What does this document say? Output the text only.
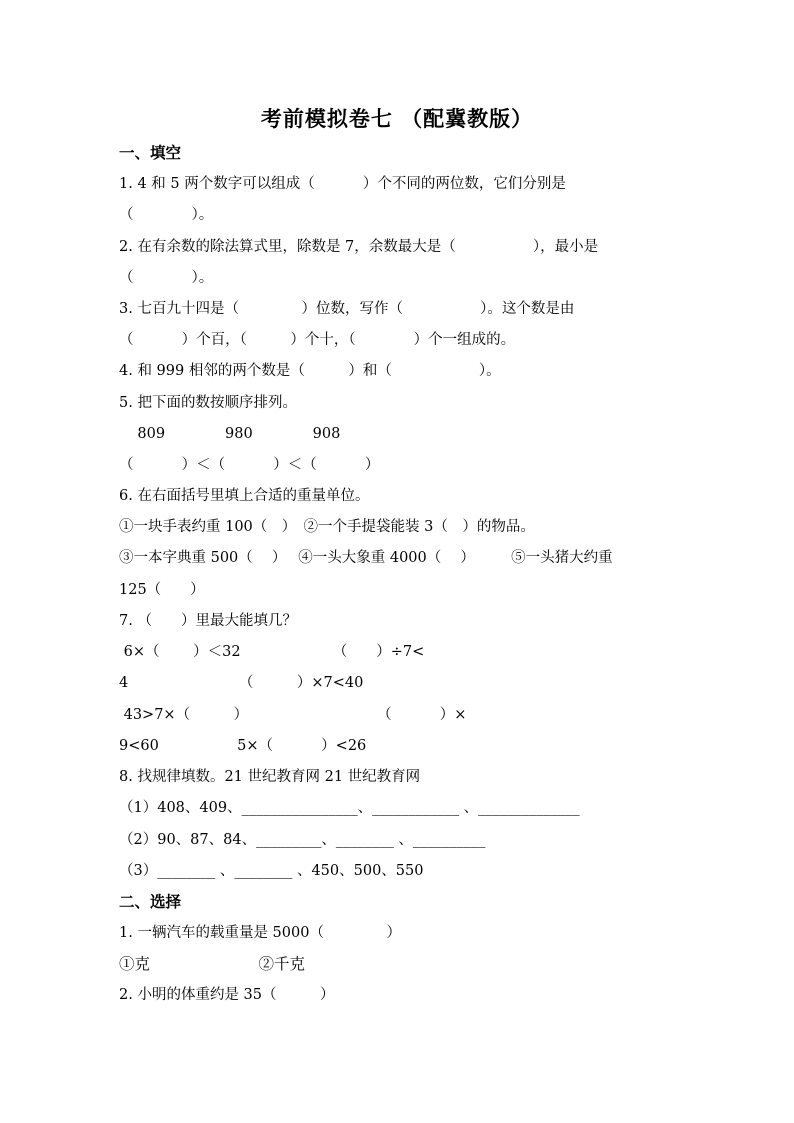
考前模拟卷七 （配冀教版）
一、填空
1. 4 和 5 两个数字可以组成（　　　 ）个不同的两位数，它们分别是
（　　　　）。
2. 在有余数的除法算式里，除数是 7，余数最大是（　　　　　 ），最小是
（　　　　）。
3. 七百九十四是（　　　　 ）位数，写作（　　　　　 ）。这个数是由
（　　　 ）个百，（　　　）个十，（　　　　）个一组成的。
4. 和 999 相邻的两个数是（　　　）和（　　　　　　）。
5. 把下面的数按顺序排列。
809             980             908
（　　　 ）＜（　　　 ）＜（　　　 ）
6. 在右面括号里填上合适的重量单位。
①一块手表约重 100（　）　②一个手提袋能装 3（　）的物品。
③一本字典重 500（　 ）　 ④一头大象重 4000（　 ）　　　⑤一头猪大约重
125（　　）
7. （　　）里最大能填几？
6×（　　 ）＜32                    （　　）÷7<
4                        （　　　）×7<40
43>7×（　　　）                            （　　　 ）×
9<60                 5×（　　　 ）<26
8. 找规律填数。21 世纪教育网 21 世纪教育网
（1）408、409、________________、____________ 、______________
（2）90、87、84、_________、________ 、__________
（3）________ 、________ 、450、500、550
二、选择
1. 一辆汽车的载重量是 5000（　　　　 ）
①克　　　　　　　②千克
2. 小明的体重约是 35（　　　）
